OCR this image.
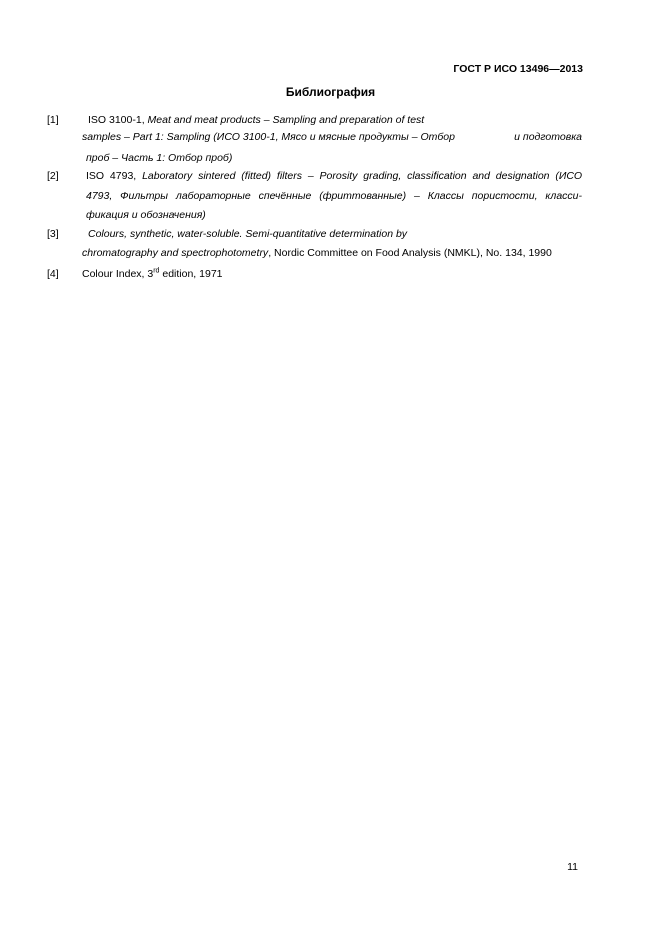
ГОСТ Р ИСО 13496—2013
Библиография
[1]	ISO 3100-1, Meat and meat products – Sampling and preparation of test
samples – Part 1: Sampling (ИСО 3100-1, Мясо и мясные продукты – Отбор	и подготовка
проб – Часть 1: Отбор проб)
[2]	ISO 4793, Laboratory sintered (fitted) filters – Porosity grading, classification and designation (ИСО
4793, Фильтры лабораторные спечённые (фриттованные) – Классы пористости, класси-
фикация и обозначения)
[3]	Colours, synthetic, water-soluble. Semi-quantitative determination by
chromatography and spectrophotometry, Nordic Committee on Food Analysis (NMKL), No. 134, 1990
[4] Colour Index, 3rd edition, 1971
11
